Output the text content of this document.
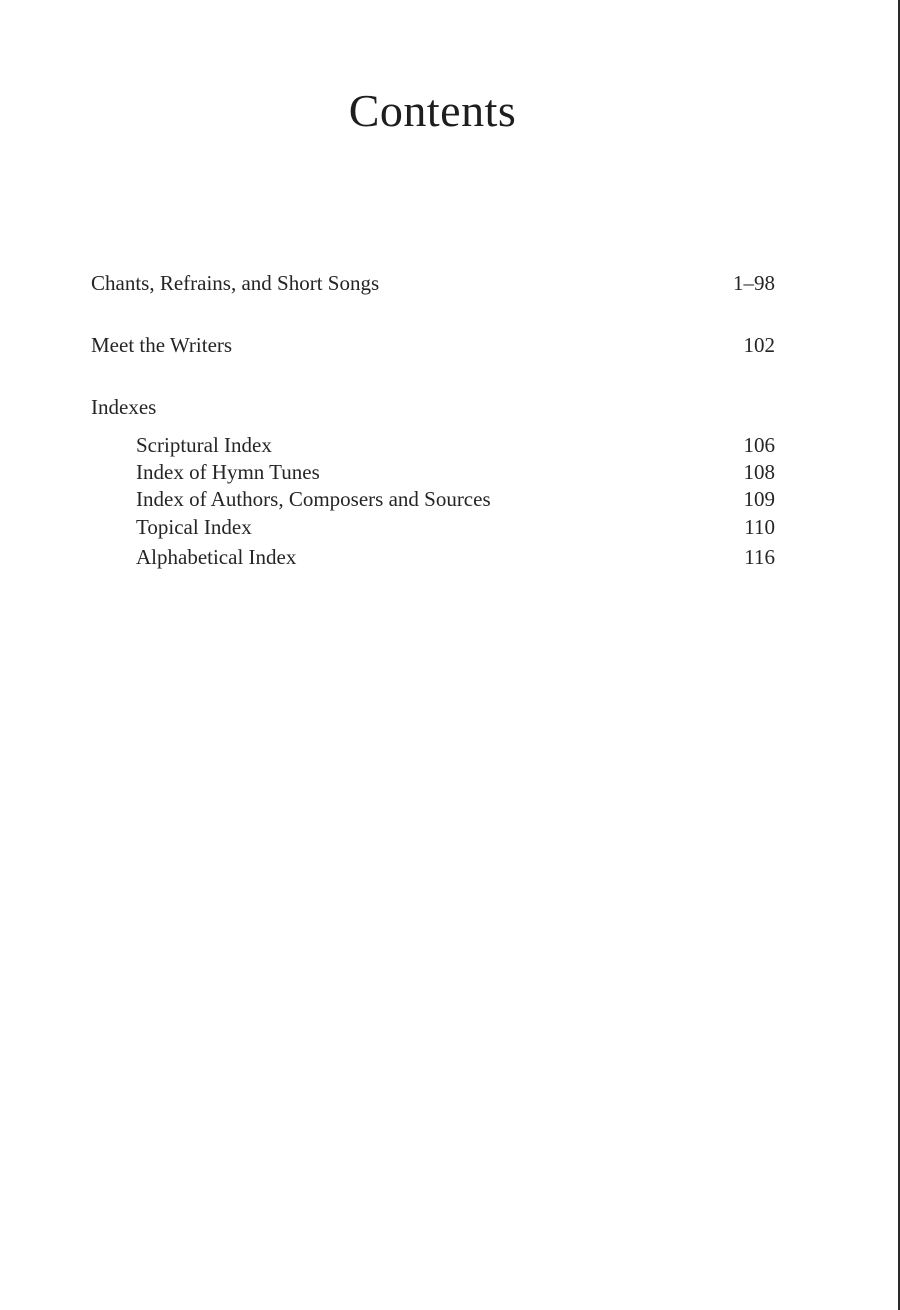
Contents
Chants, Refrains, and Short Songs	1–98
Meet the Writers	102
Indexes
Scriptural Index	106
Index of Hymn Tunes	108
Index of Authors, Composers and Sources	109
Topical Index	110
Alphabetical Index	116
